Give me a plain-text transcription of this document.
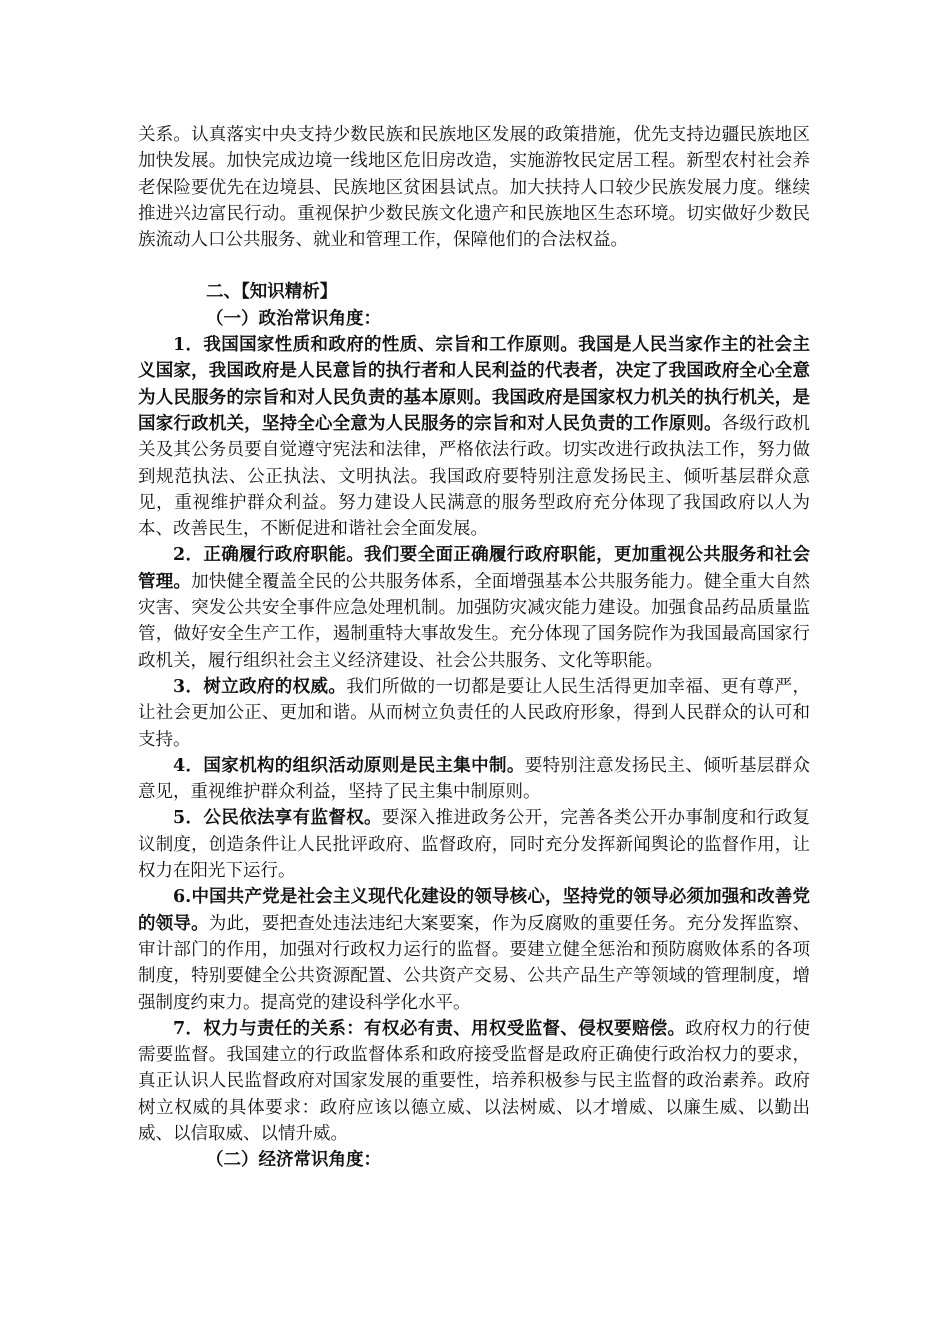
关系。认真落实中央支持少数民族和民族地区发展的政策措施，优先支持边疆民族地区加快发展。加快完成边境一线地区危旧房改造，实施游牧民定居工程。新型农村社会养老保险要优先在边境县、民族地区贫困县试点。加大扶持人口较少民族发展力度。继续推进兴边富民行动。重视保护少数民族文化遗产和民族地区生态环境。切实做好少数民族流动人口公共服务、就业和管理工作，保障他们的合法权益。

二、【知识精析】

（一）政治常识角度：

1．我国国家性质和政府的性质、宗旨和工作原则。我国是人民当家作主的社会主义国家，我国政府是人民意旨的执行者和人民利益的代表者，决定了我国政府全心全意为人民服务的宗旨和对人民负责的基本原则。我国政府是国家权力机关的执行机关，是国家行政机关，坚持全心全意为人民服务的宗旨和对人民负责的工作原则。各级行政机关及其公务员要自觉遵守宪法和法律，严格依法行政。切实改进行政执法工作，努力做到规范执法、公正执法、文明执法。我国政府要特别注意发扬民主、倾听基层群众意见，重视维护群众利益。努力建设人民满意的服务型政府充分体现了我国政府以人为本、改善民生，不断促进和谐社会全面发展。

2．正确履行政府职能。我们要全面正确履行政府职能，更加重视公共服务和社会管理。加快健全覆盖全民的公共服务体系，全面增强基本公共服务能力。健全重大自然灾害、突发公共安全事件应急处理机制。加强防灾减灾能力建设。加强食品药品质量监管，做好安全生产工作，遏制重特大事故发生。充分体现了国务院作为我国最高国家行政机关，履行组织社会主义经济建设、社会公共服务、文化等职能。

3．树立政府的权威。我们所做的一切都是要让人民生活得更加幸福、更有尊严，让社会更加公正、更加和谐。从而树立负责任的人民政府形象，得到人民群众的认可和支持。

4．国家机构的组织活动原则是民主集中制。要特别注意发扬民主、倾听基层群众意见，重视维护群众利益，坚持了民主集中制原则。

5．公民依法享有监督权。要深入推进政务公开，完善各类公开办事制度和行政复议制度，创造条件让人民批评政府、监督政府，同时充分发挥新闻舆论的监督作用，让权力在阳光下运行。

6.中国共产党是社会主义现代化建设的领导核心，坚持党的领导必须加强和改善党的领导。为此，要把查处违法违纪大案要案，作为反腐败的重要任务。充分发挥监察、审计部门的作用，加强对行政权力运行的监督。要建立健全惩治和预防腐败体系的各项制度，特别要健全公共资源配置、公共资产交易、公共产品生产等领域的管理制度，增强制度约束力。提高党的建设科学化水平。

7．权力与责任的关系：有权必有责、用权受监督、侵权要赔偿。政府权力的行使需要监督。我国建立的行政监督体系和政府接受监督是政府正确使行政治权力的要求，真正认识人民监督政府对国家发展的重要性，培养积极参与民主监督的政治素养。政府树立权威的具体要求：政府应该以德立威、以法树威、以才增威、以廉生威、以勤出威、以信取威、以情升威。

（二）经济常识角度：
